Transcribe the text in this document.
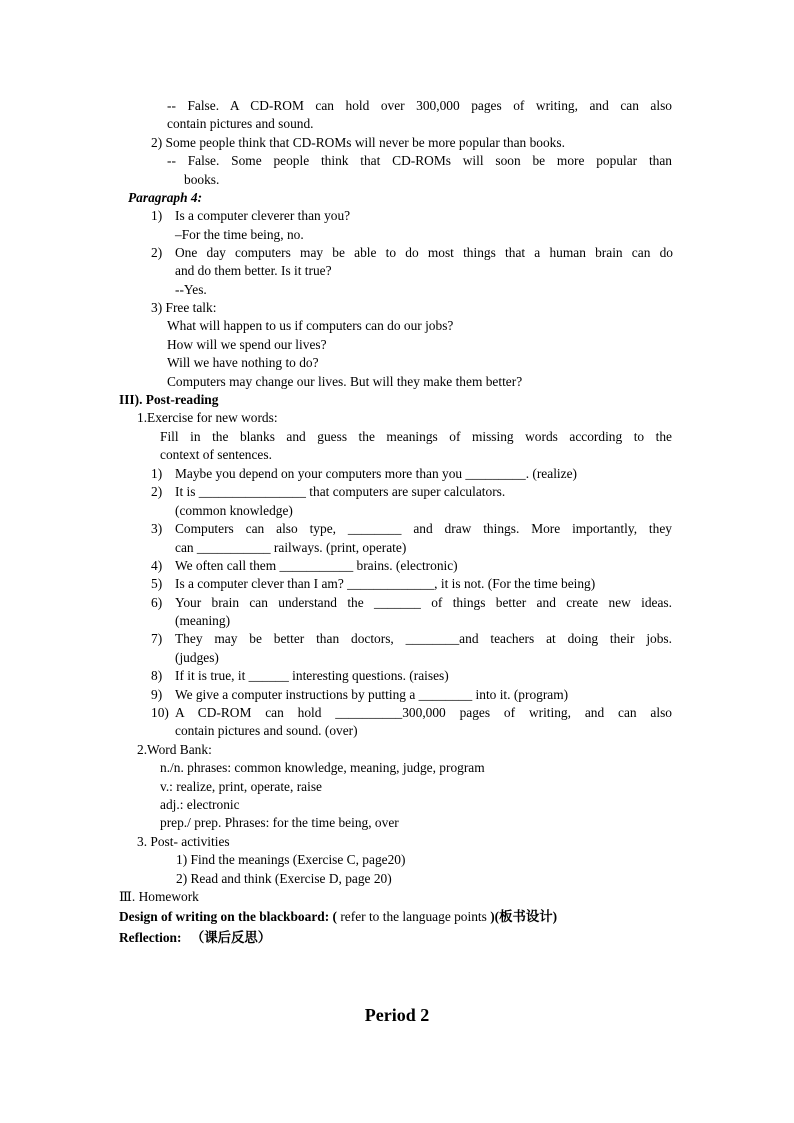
-- False. A CD-ROM can hold over 300,000 pages of writing, and can also
contain pictures and sound.
2) Some people think that CD-ROMs will never be more popular than books.
-- False. Some people think that CD-ROMs will soon be more popular than
books.
Paragraph 4:
1) Is a computer cleverer than you?
–For the time being, no.
2) One day computers may be able to do most things that a human brain can do
and do them better. Is it true?
--Yes.
3) Free talk:
What will happen to us if computers can do our jobs?
How will we spend our lives?
Will we have nothing to do?
Computers may change our lives. But will they make them better?
III). Post-reading
1.Exercise for new words:
Fill in the blanks and guess the meanings of missing words according to the
context of sentences.
1) Maybe you depend on your computers more than you _________. (realize)
2) It is ________________ that computers are super calculators.
(common knowledge)
3) Computers can also type, ________ and draw things. More importantly, they
can ___________ railways. (print, operate)
4) We often call them ___________ brains. (electronic)
5) Is a computer clever than I am? _____________, it is not. (For the time being)
6) Your brain can understand the _______ of things better and create new ideas.
(meaning)
7) They may be better than doctors, ________and teachers at doing their jobs.
(judges)
8) If it is true, it ______ interesting questions. (raises)
9) We give a computer instructions by putting a ________ into it. (program)
10) A CD-ROM can hold __________300,000 pages of writing, and can also
contain pictures and sound. (over)
2.Word Bank:
n./n. phrases: common knowledge, meaning, judge, program
v.: realize, print, operate, raise
adj.: electronic
prep./ prep. Phrases: for the time being, over
3. Post- activities
1) Find the meanings (Exercise C, page20)
2) Read and think (Exercise D, page 20)
Ⅲ. Homework
Design of writing on the blackboard: ( refer to the language points )(板书设计)
Reflection: （课后反思）
Period 2
